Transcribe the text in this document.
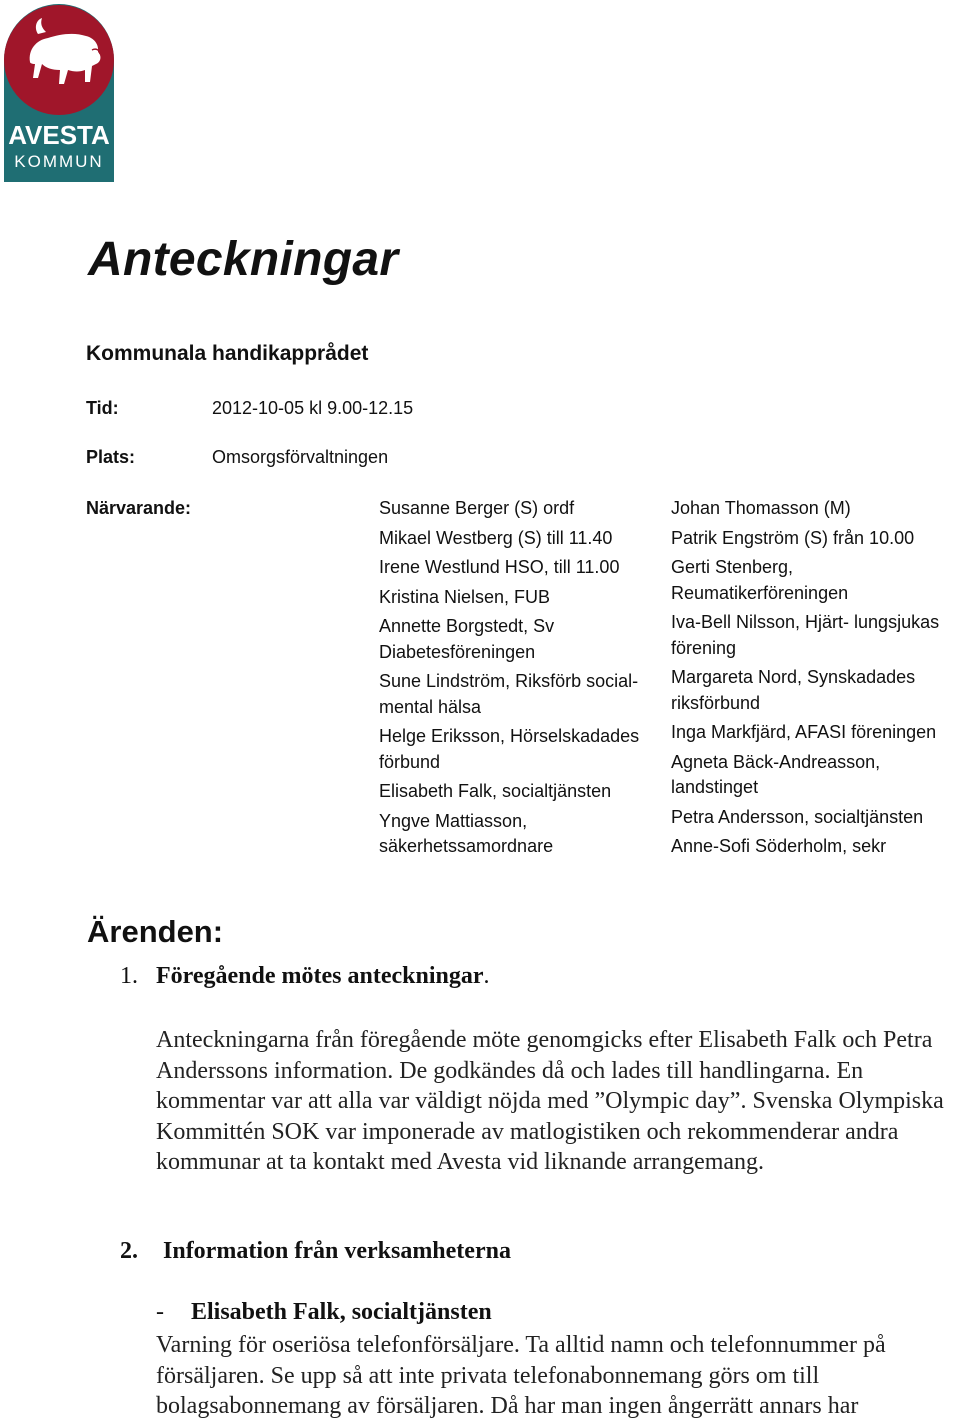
AVESTA
KOMMUN
Anteckningar
Kommunala handikapprådet
Tid:	2012-10-05 kl 9.00-12.15
Plats:	Omsorgsförvaltningen
Närvarande:	Susanne Berger (S) ordf
Mikael Westberg (S) till 11.40
Irene Westlund HSO, till 11.00
Kristina Nielsen, FUB
Annette Borgstedt, Sv Diabetesföreningen
Sune Lindström, Riksförb social-mental hälsa
Helge Eriksson, Hörselskadades förbund
Elisabeth Falk, socialtjänsten
Yngve Mattiasson, säkerhetssamordnare
Johan Thomasson (M)
Patrik Engström (S) från 10.00
Gerti Stenberg, Reumatikerföreningen
Iva-Bell Nilsson, Hjärt- lungsjukas förening
Margareta Nord, Synskadades riksförbund
Inga Markfjärd, AFASI föreningen
Agneta Bäck-Andreasson, landstinget
Petra Andersson, socialtjänsten
Anne-Sofi Söderholm, sekr
Ärenden:
1. Föregående mötes anteckningar.

Anteckningarna från föregående möte genomgicks efter Elisabeth Falk och Petra Anderssons information. De godkändes då och lades till handlingarna. En kommentar var att alla var väldigt nöjda med ”Olympic day”. Svenska Olympiska Kommittén SOK var imponerade av matlogistiken och rekommenderar andra kommunar at ta kontakt med Avesta vid liknande arrangemang.

2. Information från verksamheterna
- Elisabeth Falk, socialtjänsten

Varning för oseriösa telefonförsäljare. Ta alltid namn och telefonnummer på försäljaren. Se upp så att inte privata telefonabonnemang görs om till bolagsabonnemang av försäljaren. Då har man ingen ångerrätt annars har
